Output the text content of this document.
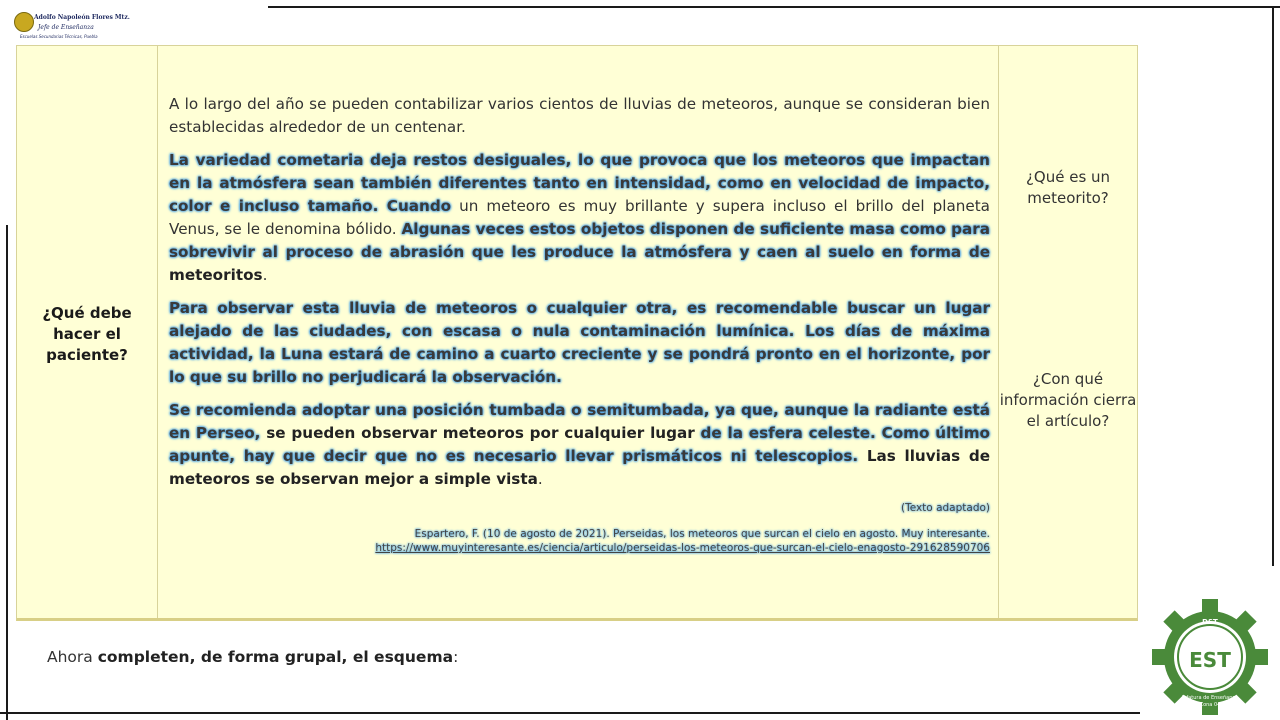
Adolfo Napoleón Flores Mtz.
Jefe de Enseñanza
Escuelas Secundarias Técnicas, Puebla
¿Qué debe hacer el paciente?

A lo largo del año se pueden contabilizar varios cientos de lluvias de meteoros, aunque se consideran bien establecidas alrededor de un centenar.

La variedad cometaria deja restos desiguales, lo que provoca que los meteoros que impactan en la atmósfera sean también diferentes tanto en intensidad, como en velocidad de impacto, color e incluso tamaño. Cuando un meteoro es muy brillante y supera incluso el brillo del planeta Venus, se le denomina bólido. Algunas veces estos objetos disponen de suficiente masa como para sobrevivir al proceso de abrasión que les produce la atmósfera y caen al suelo en forma de meteoritos.

Para observar esta lluvia de meteoros o cualquier otra, es recomendable buscar un lugar alejado de las ciudades, con escasa o nula contaminación lumínica. Los días de máxima actividad, la Luna estará de camino a cuarto creciente y se pondrá pronto en el horizonte, por lo que su brillo no perjudicará la observación.

Se recomienda adoptar una posición tumbada o semitumbada, ya que, aunque la radiante está en Perseo, se pueden observar meteoros por cualquier lugar de la esfera celeste. Como último apunte, hay que decir que no es necesario llevar prismáticos ni telescopios. Las lluvias de meteoros se observan mejor a simple vista.

(Texto adaptado)

Espartero, F. (10 de agosto de 2021). Perseidas, los meteoros que surcan el cielo en agosto. Muy interesante.

https://www.muyinteresante.es/ciencia/articulo/perseidas-los-meteoros-que-surcan-el-cielo-enagosto-291628590706

¿Qué es un meteorito?
¿Con qué información cierra el artículo?
Ahora completen, de forma grupal, el esquema:
DST
EST
Jefatura de Enseñanza
Zona 04
